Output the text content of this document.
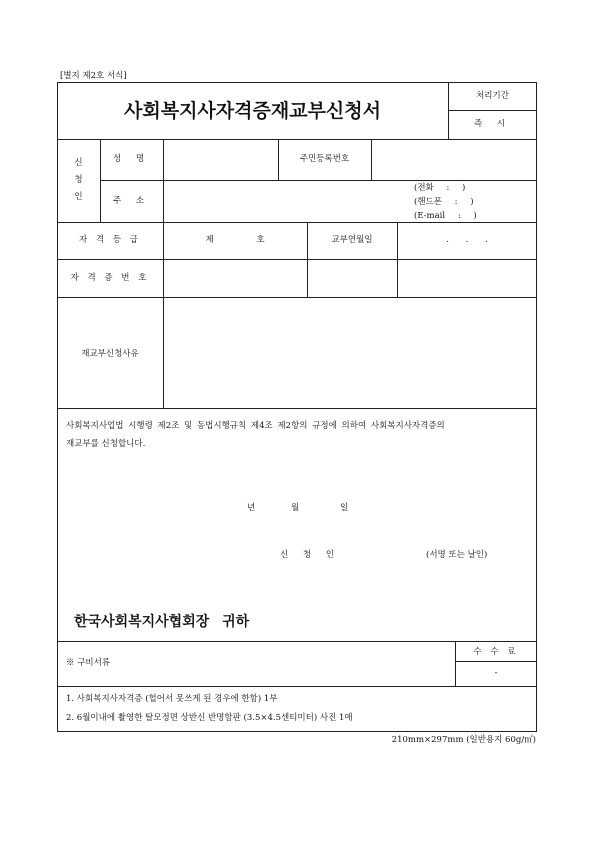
[별지 제2호 서식]
사회복지사자격증재교부신청서
처리기간
즉 시
신
청
인
성 명	주민등록번호
주 소
(전화 : )
(핸드폰 : )
(E-mail : )
자 격 등 급	제 호	교부연월일	. . .
자 격 증 번 호
재교부신청사유
사회복지사업법 시행령 제2조 및 동법시행규칙 제4조 제2항의 규정에 의하여 사회복지사자격증의
재교부를 신청합니다.
년	월	일
신 청 인	(서명 또는 날인)
한국사회복지사협회장 귀하
※ 구비서류
수 수 료
-
1. 사회복지사자격증 (헐어서 못쓰게 된 경우에 한함) 1부
2. 6월이내에 촬영한 탈모정면 상반신 반명함판 (3.5×4.5센티미터) 사진 1매
210mm×297mm (일반용지 60g/㎡)
